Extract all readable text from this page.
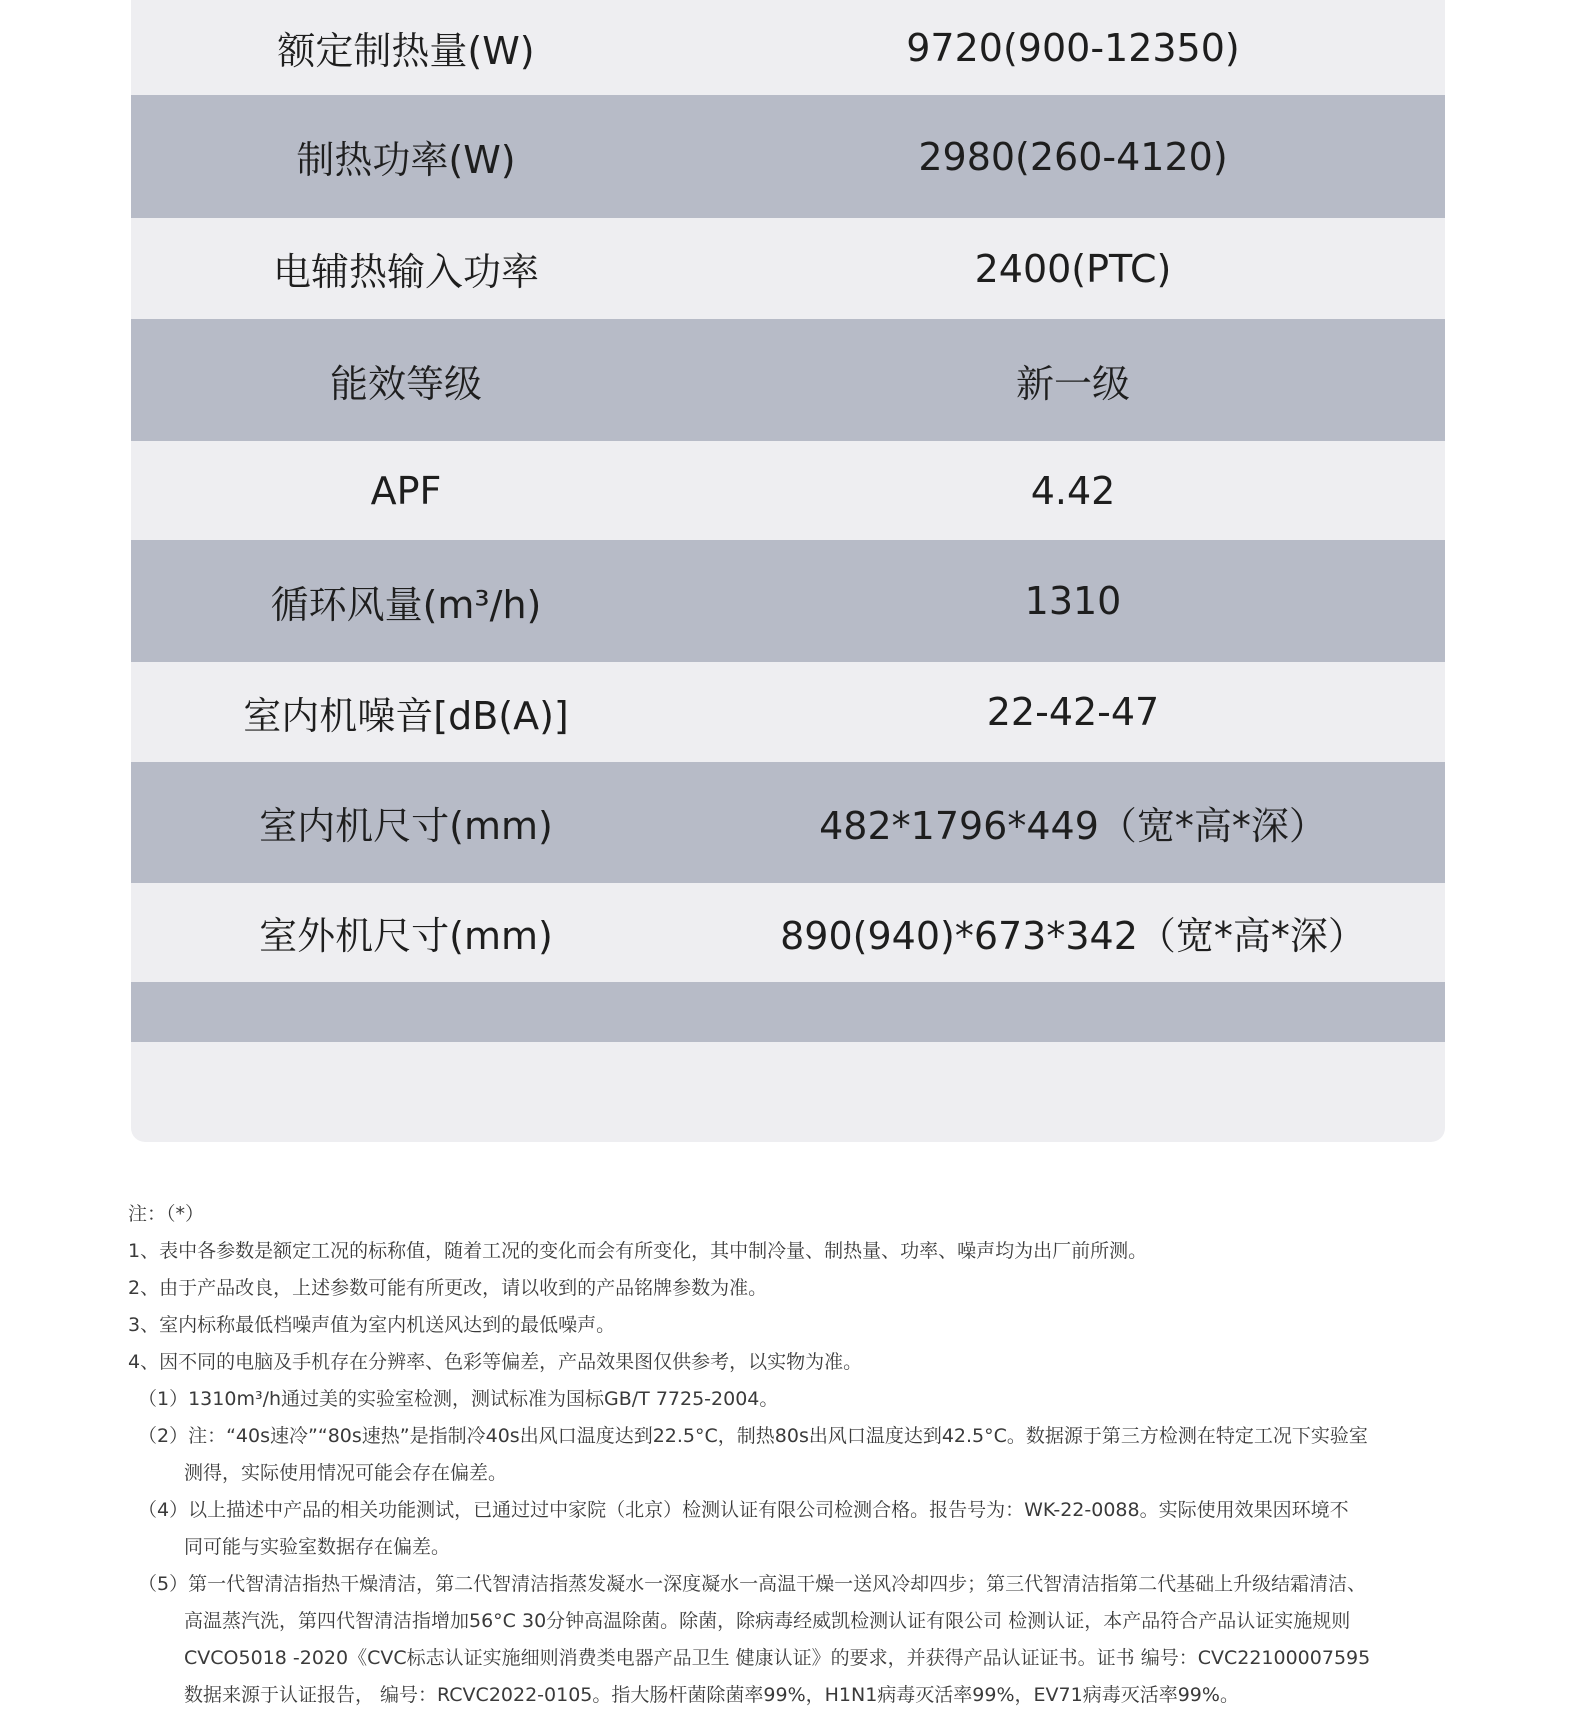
额定制热量(W)	9720(900-12350)
制热功率(W)	2980(260-4120)
电辅热输入功率	2400(PTC)
能效等级	新一级
APF	4.42
循环风量(m³/h)	1310
室内机噪音[dB(A)]	22-42-47
室内机尺寸(mm)	482*1796*449（宽*高*深）
室外机尺寸(mm)	890(940)*673*342（宽*高*深）
注：（*）
1、表中各参数是额定工况的标称值，随着工况的变化而会有所变化，其中制冷量、制热量、功率、噪声均为出厂前所测。
2、由于产品改良，上述参数可能有所更改，请以收到的产品铭牌参数为准。
3、室内标称最低档噪声值为室内机送风达到的最低噪声。
4、因不同的电脑及手机存在分辨率、色彩等偏差，产品效果图仅供参考，以实物为准。
（1）1310m³/h通过美的实验室检测，测试标准为国标GB/T 7725-2004。
（2）注：“40s速冷”“80s速热”是指制冷40s出风口温度达到22.5°C，制热80s出风口温度达到42.5°C。数据源于第三方检测在特定工况下实验室
测得，实际使用情况可能会存在偏差。
（4）以上描述中产品的相关功能测试，已通过过中家院（北京）检测认证有限公司检测合格。报告号为：WK-22-0088。实际使用效果因环境不
同可能与实验室数据存在偏差。
（5）第一代智清洁指热干燥清洁，第二代智清洁指蒸发凝水一深度凝水一高温干燥一送风冷却四步；第三代智清洁指第二代基础上升级结霜清洁、
高温蒸汽洗，第四代智清洁指增加56°C 30分钟高温除菌。除菌，除病毒经威凯检测认证有限公司 检测认证，本产品符合产品认证实施规则
CVCO5018 -2020《CVC标志认证实施细则消费类电器产品卫生 健康认证》的要求，并获得产品认证证书。证书 编号：CVC22100007595
数据来源于认证报告， 编号：RCVC2022-0105。指大肠杆菌除菌率99%，H1N1病毒灭活率99%，EV71病毒灭活率99%。
